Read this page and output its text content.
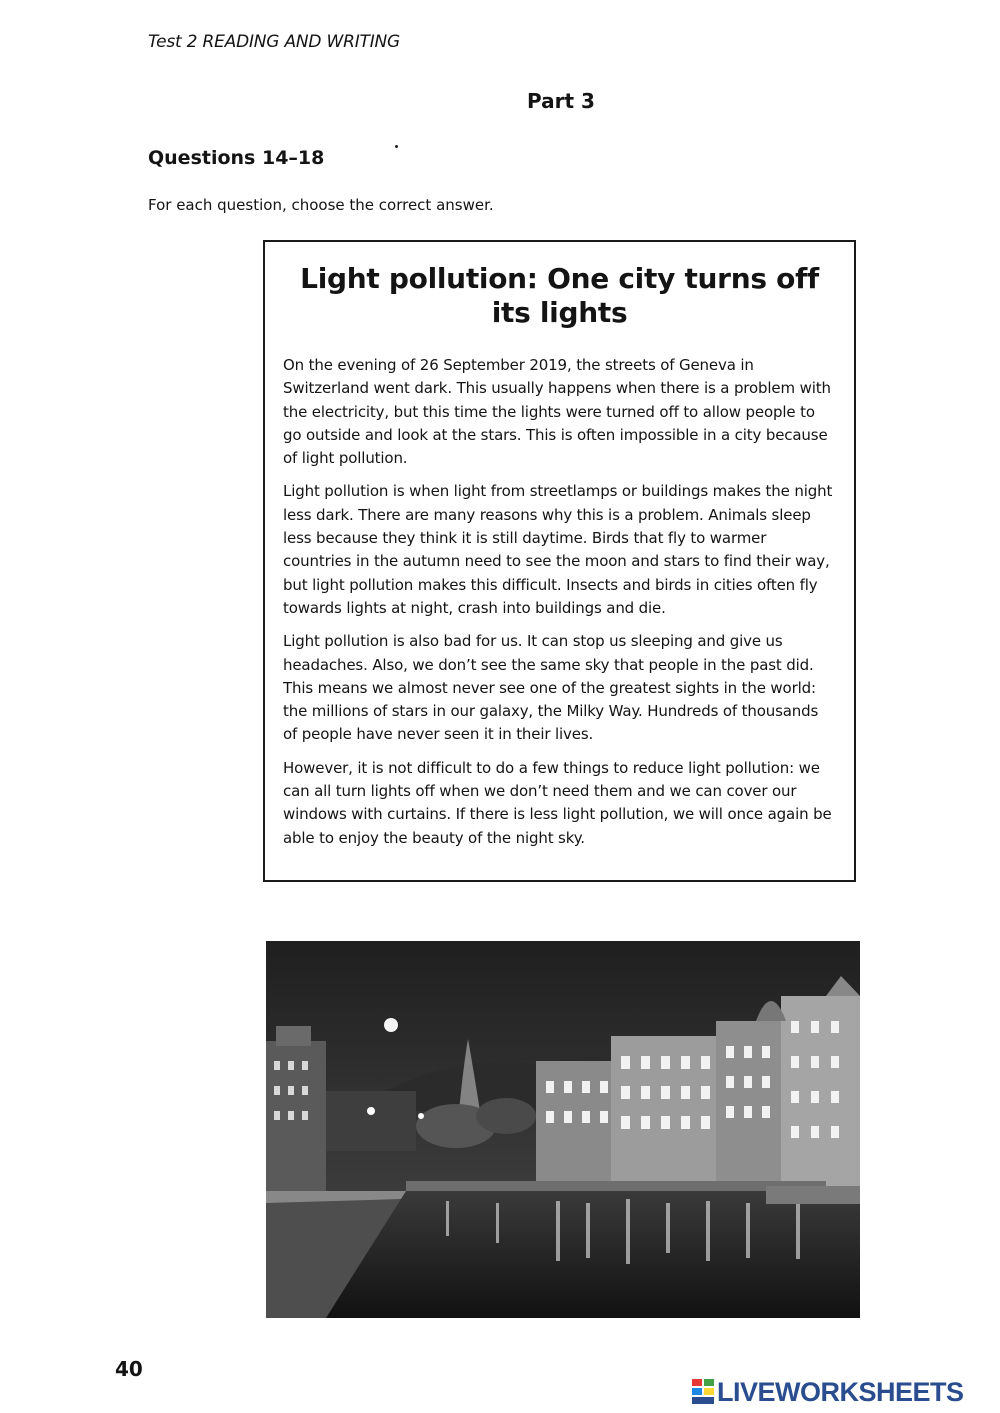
Test 2 READING AND WRITING
Part 3
Questions 14–18
For each question, choose the correct answer.
Light pollution: One city turns off its lights

On the evening of 26 September 2019, the streets of Geneva in Switzerland went dark. This usually happens when there is a problem with the electricity, but this time the lights were turned off to allow people to go outside and look at the stars. This is often impossible in a city because of light pollution.

Light pollution is when light from streetlamps or buildings makes the night less dark. There are many reasons why this is a problem. Animals sleep less because they think it is still daytime. Birds that fly to warmer countries in the autumn need to see the moon and stars to find their way, but light pollution makes this difficult. Insects and birds in cities often fly towards lights at night, crash into buildings and die.

Light pollution is also bad for us. It can stop us sleeping and give us headaches. Also, we don’t see the same sky that people in the past did. This means we almost never see one of the greatest sights in the world: the millions of stars in our galaxy, the Milky Way. Hundreds of thousands of people have never seen it in their lives.

However, it is not difficult to do a few things to reduce light pollution: we can all turn lights off when we don’t need them and we can cover our windows with curtains. If there is less light pollution, we will once again be able to enjoy the beauty of the night sky.

40
LIVEWORKSHEETS
